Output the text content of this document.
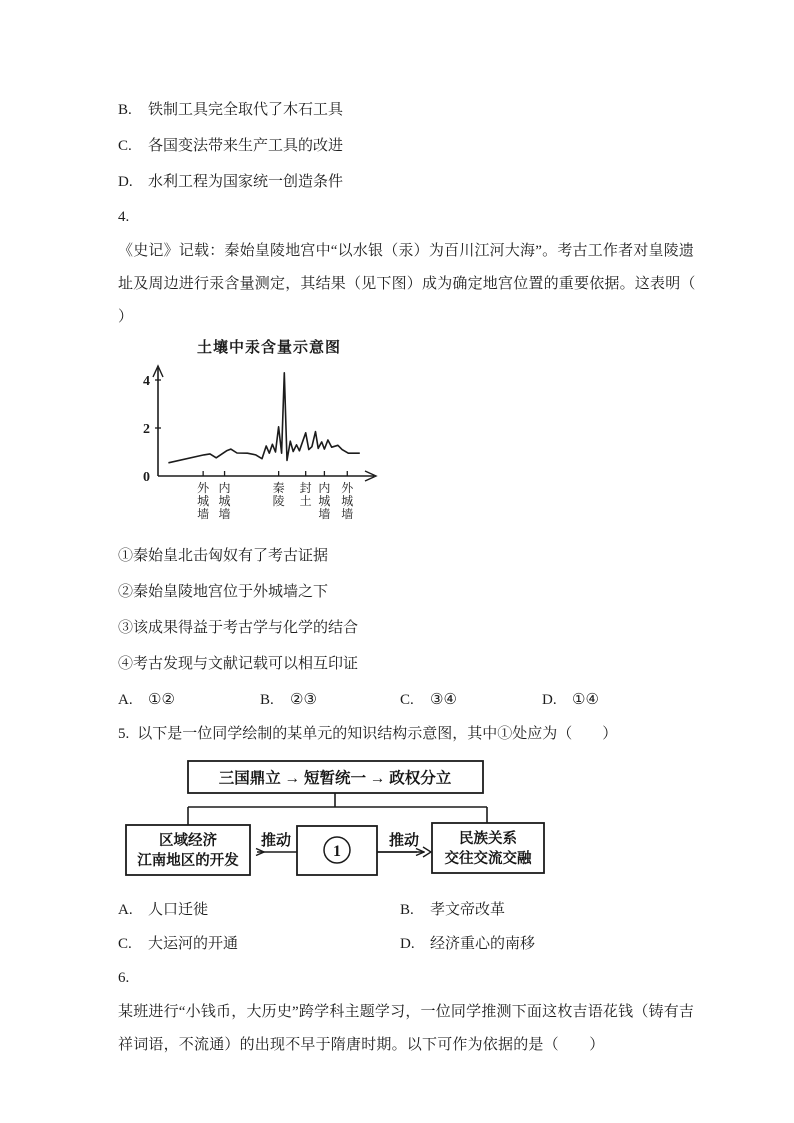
B. 铁制工具完全取代了木石工具
C. 各国变法带来生产工具的改进
D. 水利工程为国家统一创造条件
4.
《史记》记载：秦始皇陵地宫中“以水银（汞）为百川江河大海”。考古工作者对皇陵遗
址及周边进行汞含量测定，其结果（见下图）成为确定地宫位置的重要依据。这表明（
）
土壤中汞含量示意图
0
2
4
外城墙
内城墙
秦陵
封土
内城墙
外城墙
①秦始皇北击匈奴有了考古证据
②秦始皇陵地宫位于外城墙之下
③该成果得益于考古学与化学的结合
④考古发现与文献记载可以相互印证
A. ①②	B. ②③	C. ③④	D. ①④
5. 以下是一位同学绘制的某单元的知识结构示意图，其中①处应为（　　）
三国鼎立 → 短暂统一 → 政权分立
区域经济
江南地区的开发
1
推动	推动	民族关系
交往交流交融
A. 人口迁徙	B. 孝文帝改革
C. 大运河的开通	D. 经济重心的南移
6.
某班进行“小钱币，大历史”跨学科主题学习，一位同学推测下面这枚吉语花钱（铸有吉
祥词语，不流通）的出现不早于隋唐时期。以下可作为依据的是（　　）
